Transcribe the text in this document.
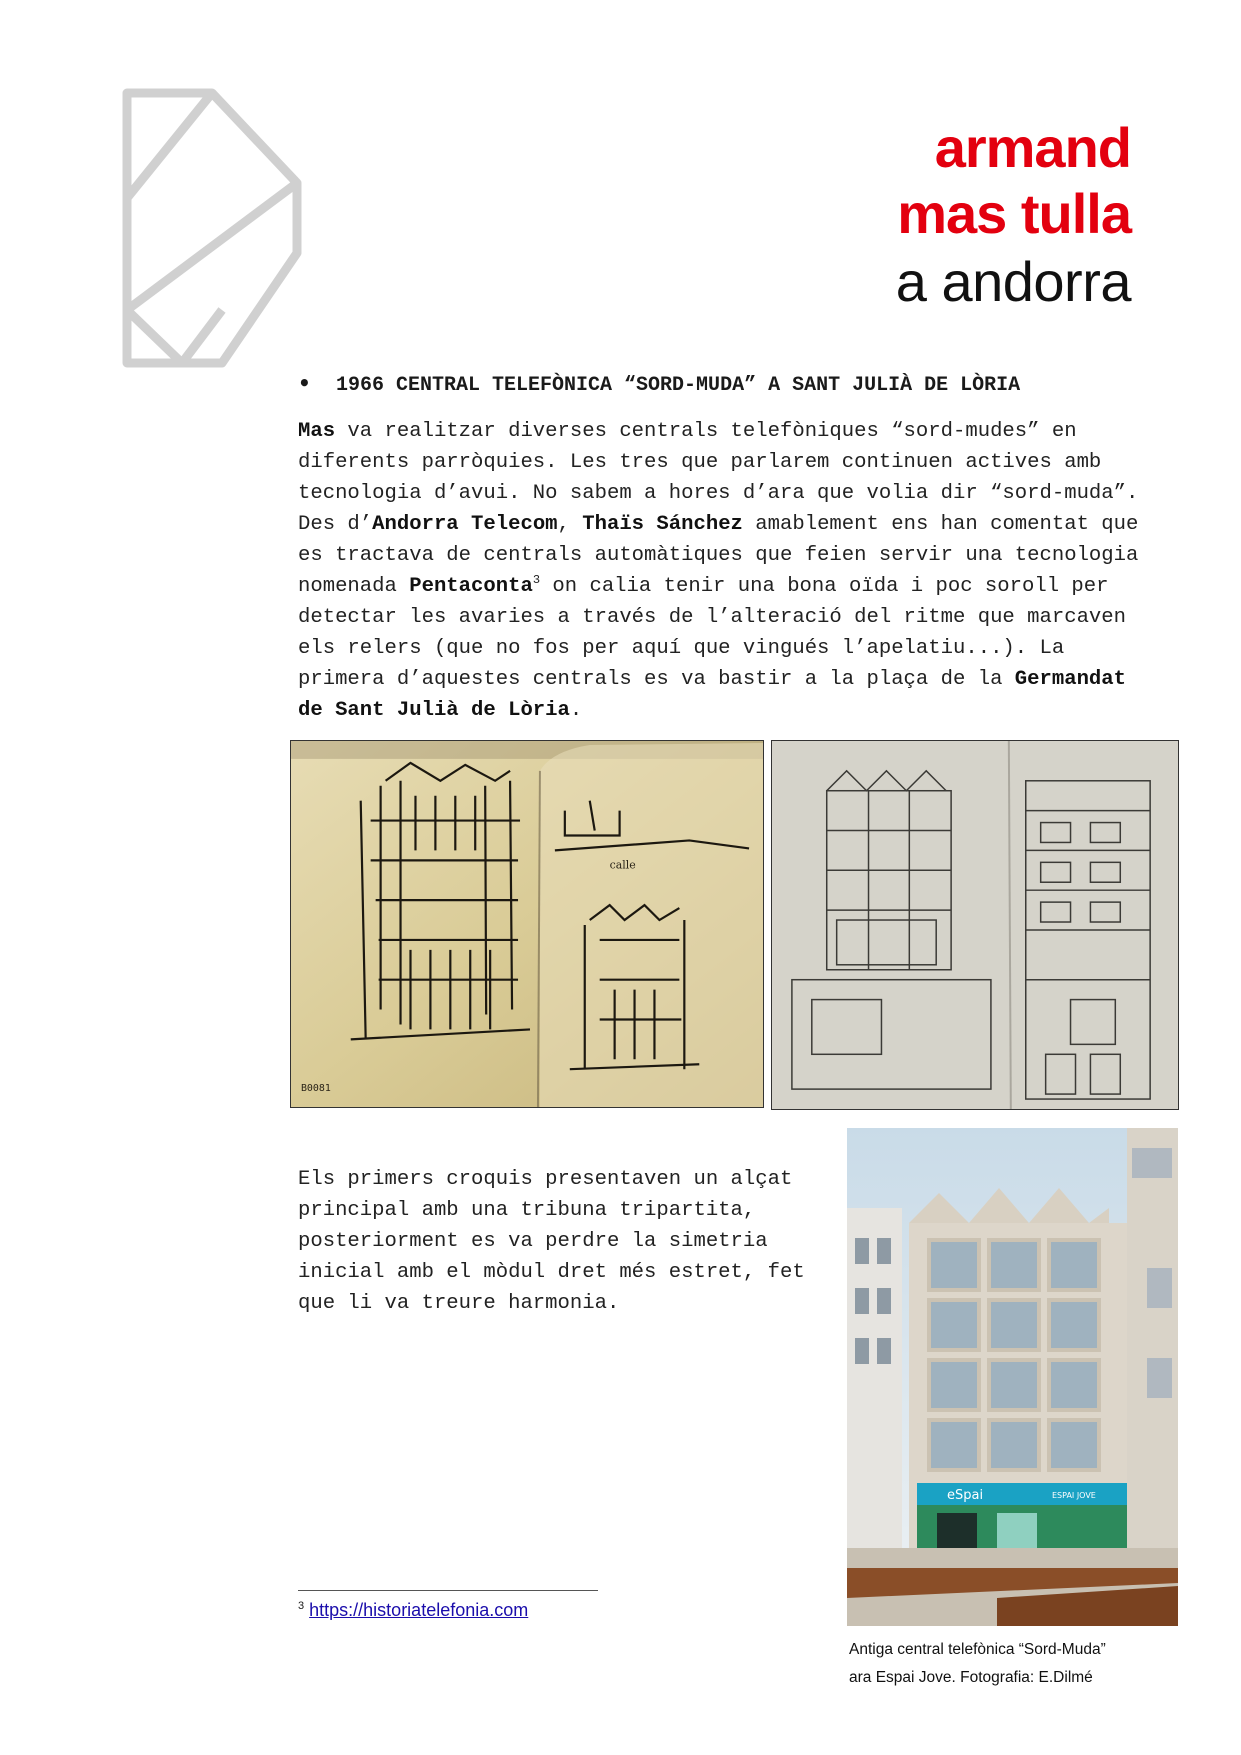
armand
mas tulla
a andorra
• 1966 CENTRAL TELEFÒNICA “SORD-MUDA” A SANT JULIÀ DE LÒRIA
Mas va realitzar diverses centrals telefòniques “sord-mudes” en diferents parròquies. Les tres que parlarem continuen actives amb tecnologia d’avui. No sabem a hores d’ara que volia dir “sord-muda”. Des d’Andorra Telecom, Thaïs Sánchez amablement ens han comentat que es tractava de centrals automàtiques que feien servir una tecnologia nomenada Pentaconta$^3$ on calia tenir una bona oïda i poc soroll per detectar les avaries a través de l’alteració del ritme que marcaven els relers (que no fos per aquí que vingués l’apelatiu...). La primera d’aquestes centrals es va bastir a la plaça de la Germandat de Sant Julià de Lòria.
calle
B0081
Els primers croquis presentaven un alçat principal amb una tribuna tripartita, posteriorment es va perdre la simetria inicial amb el mòdul dret més estret, fet que li va treure harmonia.
eSpai	ESPAI JOVE
Antiga central telefònica “Sord-Muda”
ara Espai Jove. Fotografia: E.Dilmé
$^3$ https://historiatelefonia.com
